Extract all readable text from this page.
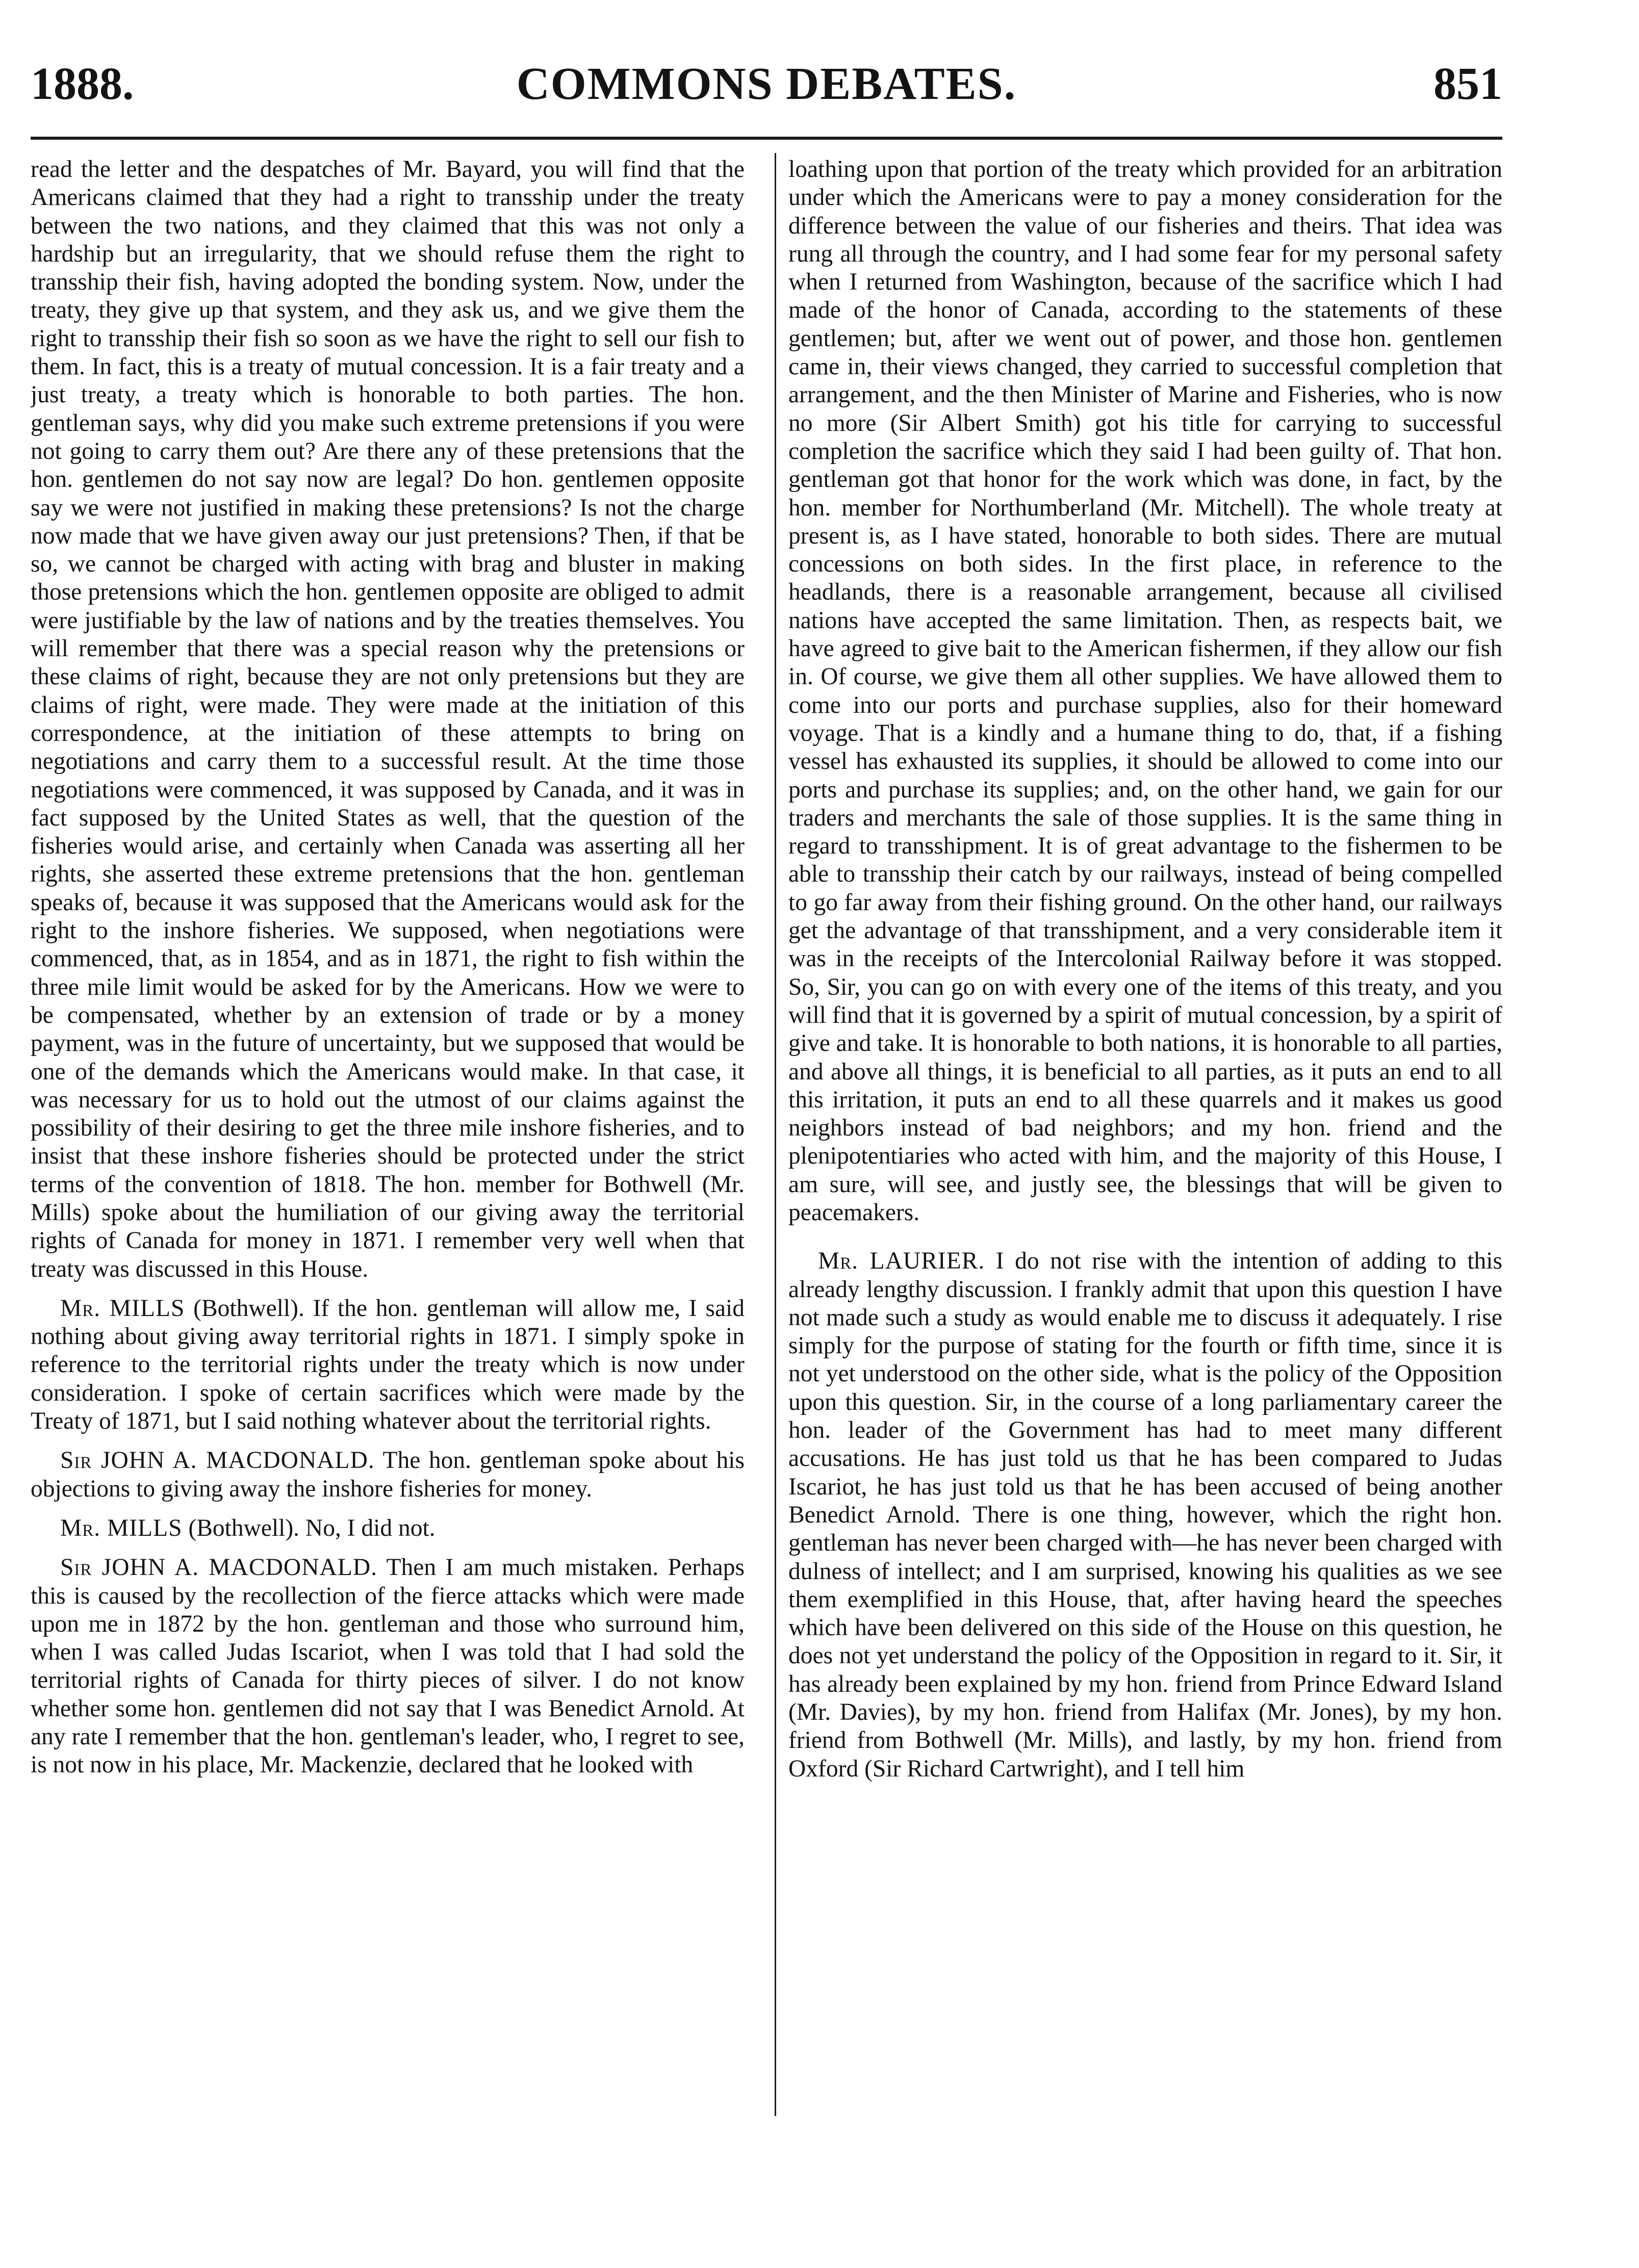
1888.	COMMONS DEBATES.	851

read the letter and the despatches of Mr. Bayard, you will find that the Americans claimed that they had a right to transship under the treaty between the two nations, and they claimed that this was not only a hardship but an irregularity, that we should refuse them the right to transship their fish, having adopted the bonding system. Now, under the treaty, they give up that system, and they ask us, and we give them the right to transship their fish so soon as we have the right to sell our fish to them. In fact, this is a treaty of mutual concession. It is a fair treaty and a just treaty, a treaty which is honorable to both parties. The hon. gentleman says, why did you make such extreme pretensions if you were not going to carry them out? Are there any of these pretensions that the hon. gentlemen do not say now are legal? Do hon. gentlemen opposite say we were not justified in making these pretensions? Is not the charge now made that we have given away our just pretensions? Then, if that be so, we cannot be charged with acting with brag and bluster in making those pretensions which the hon. gentlemen opposite are obliged to admit were justifiable by the law of nations and by the treaties themselves. You will remember that there was a special reason why the pretensions or these claims of right, because they are not only pretensions but they are claims of right, were made. They were made at the initiation of this correspondence, at the initiation of these attempts to bring on negotiations and carry them to a successful result. At the time those negotiations were commenced, it was supposed by Canada, and it was in fact supposed by the United States as well, that the question of the fisheries would arise, and certainly when Canada was asserting all her rights, she asserted these extreme pretensions that the hon. gentleman speaks of, because it was supposed that the Americans would ask for the right to the inshore fisheries. We supposed, when negotiations were commenced, that, as in 1854, and as in 1871, the right to fish within the three mile limit would be asked for by the Americans. How we were to be compensated, whether by an extension of trade or by a money payment, was in the future of uncertainty, but we supposed that would be one of the demands which the Americans would make. In that case, it was necessary for us to hold out the utmost of our claims against the possibility of their desiring to get the three mile inshore fisheries, and to insist that these inshore fisheries should be protected under the strict terms of the convention of 1818. The hon. member for Bothwell (Mr. Mills) spoke about the humiliation of our giving away the territorial rights of Canada for money in 1871. I remember very well when that treaty was discussed in this House.

Mr. MILLS (Bothwell). If the hon. gentleman will allow me, I said nothing about giving away territorial rights in 1871. I simply spoke in reference to the territorial rights under the treaty which is now under consideration. I spoke of certain sacrifices which were made by the Treaty of 1871, but I said nothing whatever about the territorial rights.

Sir JOHN A. MACDONALD. The hon. gentleman spoke about his objections to giving away the inshore fisheries for money.

Mr. MILLS (Bothwell). No, I did not.

Sir JOHN A. MACDONALD. Then I am much mistaken. Perhaps this is caused by the recollection of the fierce attacks which were made upon me in 1872 by the hon. gentleman and those who surround him, when I was called Judas Iscariot, when I was told that I had sold the territorial rights of Canada for thirty pieces of silver. I do not know whether some hon. gentlemen did not say that I was Benedict Arnold. At any rate I remember that the hon. gentleman's leader, who, I regret to see, is not now in his place, Mr. Mackenzie, declared that he looked with

loathing upon that portion of the treaty which provided for an arbitration under which the Americans were to pay a money consideration for the difference between the value of our fisheries and theirs. That idea was rung all through the country, and I had some fear for my personal safety when I returned from Washington, because of the sacrifice which I had made of the honor of Canada, according to the statements of these gentlemen; but, after we went out of power, and those hon. gentlemen came in, their views changed, they carried to successful completion that arrangement, and the then Minister of Marine and Fisheries, who is now no more (Sir Albert Smith) got his title for carrying to successful completion the sacrifice which they said I had been guilty of. That hon. gentleman got that honor for the work which was done, in fact, by the hon. member for Northumberland (Mr. Mitchell). The whole treaty at present is, as I have stated, honorable to both sides. There are mutual concessions on both sides. In the first place, in reference to the headlands, there is a reasonable arrangement, because all civilised nations have accepted the same limitation. Then, as respects bait, we have agreed to give bait to the American fishermen, if they allow our fish in. Of course, we give them all other supplies. We have allowed them to come into our ports and purchase supplies, also for their homeward voyage. That is a kindly and a humane thing to do, that, if a fishing vessel has exhausted its supplies, it should be allowed to come into our ports and purchase its supplies; and, on the other hand, we gain for our traders and merchants the sale of those supplies. It is the same thing in regard to transshipment. It is of great advantage to the fishermen to be able to transship their catch by our railways, instead of being compelled to go far away from their fishing ground. On the other hand, our railways get the advantage of that transshipment, and a very considerable item it was in the receipts of the Intercolonial Railway before it was stopped. So, Sir, you can go on with every one of the items of this treaty, and you will find that it is governed by a spirit of mutual concession, by a spirit of give and take. It is honorable to both nations, it is honorable to all parties, and above all things, it is beneficial to all parties, as it puts an end to all this irritation, it puts an end to all these quarrels and it makes us good neighbors instead of bad neighbors; and my hon. friend and the plenipotentiaries who acted with him, and the majority of this House, I am sure, will see, and justly see, the blessings that will be given to peacemakers.

Mr. LAURIER. I do not rise with the intention of adding to this already lengthy discussion. I frankly admit that upon this question I have not made such a study as would enable me to discuss it adequately. I rise simply for the purpose of stating for the fourth or fifth time, since it is not yet understood on the other side, what is the policy of the Opposition upon this question. Sir, in the course of a long parliamentary career the hon. leader of the Government has had to meet many different accusations. He has just told us that he has been compared to Judas Iscariot, he has just told us that he has been accused of being another Benedict Arnold. There is one thing, however, which the right hon. gentleman has never been charged with—he has never been charged with dulness of intellect; and I am surprised, knowing his qualities as we see them exemplified in this House, that, after having heard the speeches which have been delivered on this side of the House on this question, he does not yet understand the policy of the Opposition in regard to it. Sir, it has already been explained by my hon. friend from Prince Edward Island (Mr. Davies), by my hon. friend from Halifax (Mr. Jones), by my hon. friend from Bothwell (Mr. Mills), and lastly, by my hon. friend from Oxford (Sir Richard Cartwright), and I tell him
